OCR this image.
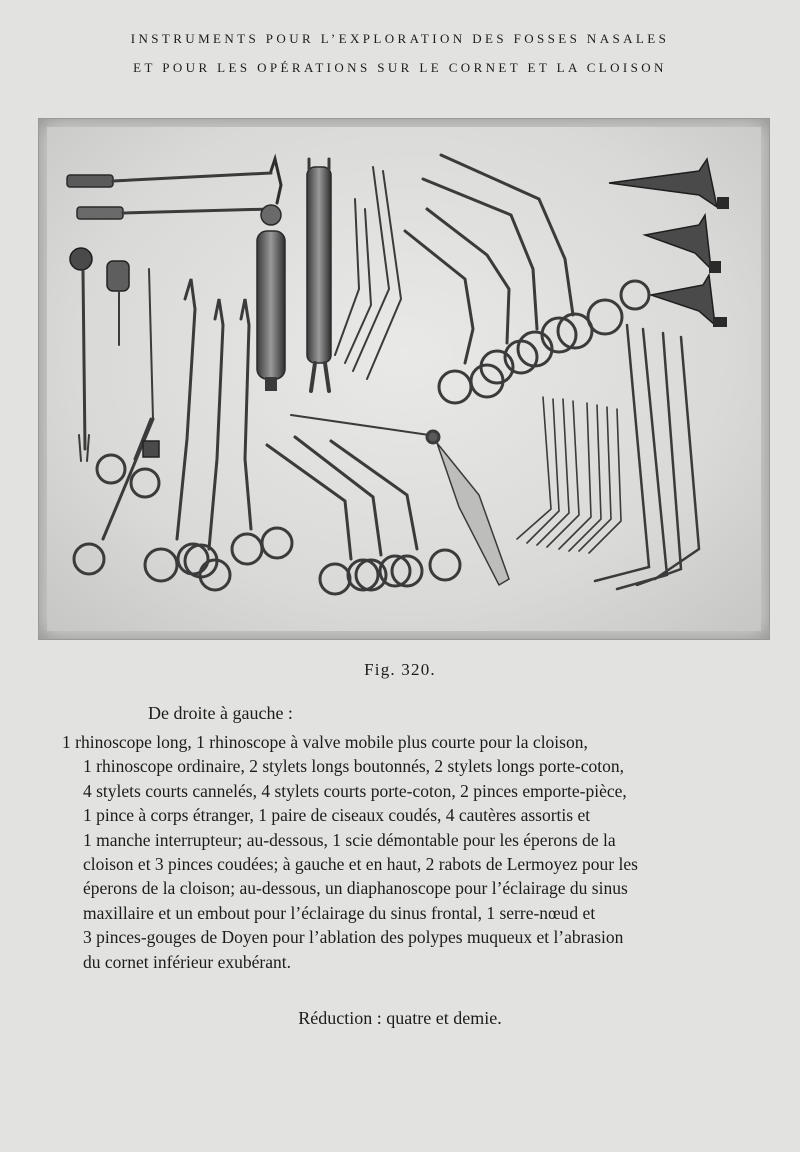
INSTRUMENTS POUR L’EXPLORATION DES FOSSES NASALES
ET POUR LES OPÉRATIONS SUR LE CORNET ET LA CLOISON
Fig. 320.
De droite à gauche :
1 rhinoscope long, 1 rhinoscope à valve mobile plus courte pour la cloison,
1 rhinoscope ordinaire, 2 stylets longs boutonnés, 2 stylets longs porte-coton,
4 stylets courts cannelés, 4 stylets courts porte-coton, 2 pinces emporte-pièce,
1 pince à corps étranger, 1 paire de ciseaux coudés, 4 cautères assortis et
1 manche interrupteur; au-dessous, 1 scie démontable pour les éperons de la
cloison et 3 pinces coudées; à gauche et en haut, 2 rabots de Lermoyez pour les
éperons de la cloison; au-dessous, un diaphanoscope pour l’éclairage du sinus
maxillaire et un embout pour l’éclairage du sinus frontal, 1 serre-nœud et
3 pinces-gouges de Doyen pour l’ablation des polypes muqueux et l’abrasion
du cornet inférieur exubérant.
Réduction : quatre et demie.
